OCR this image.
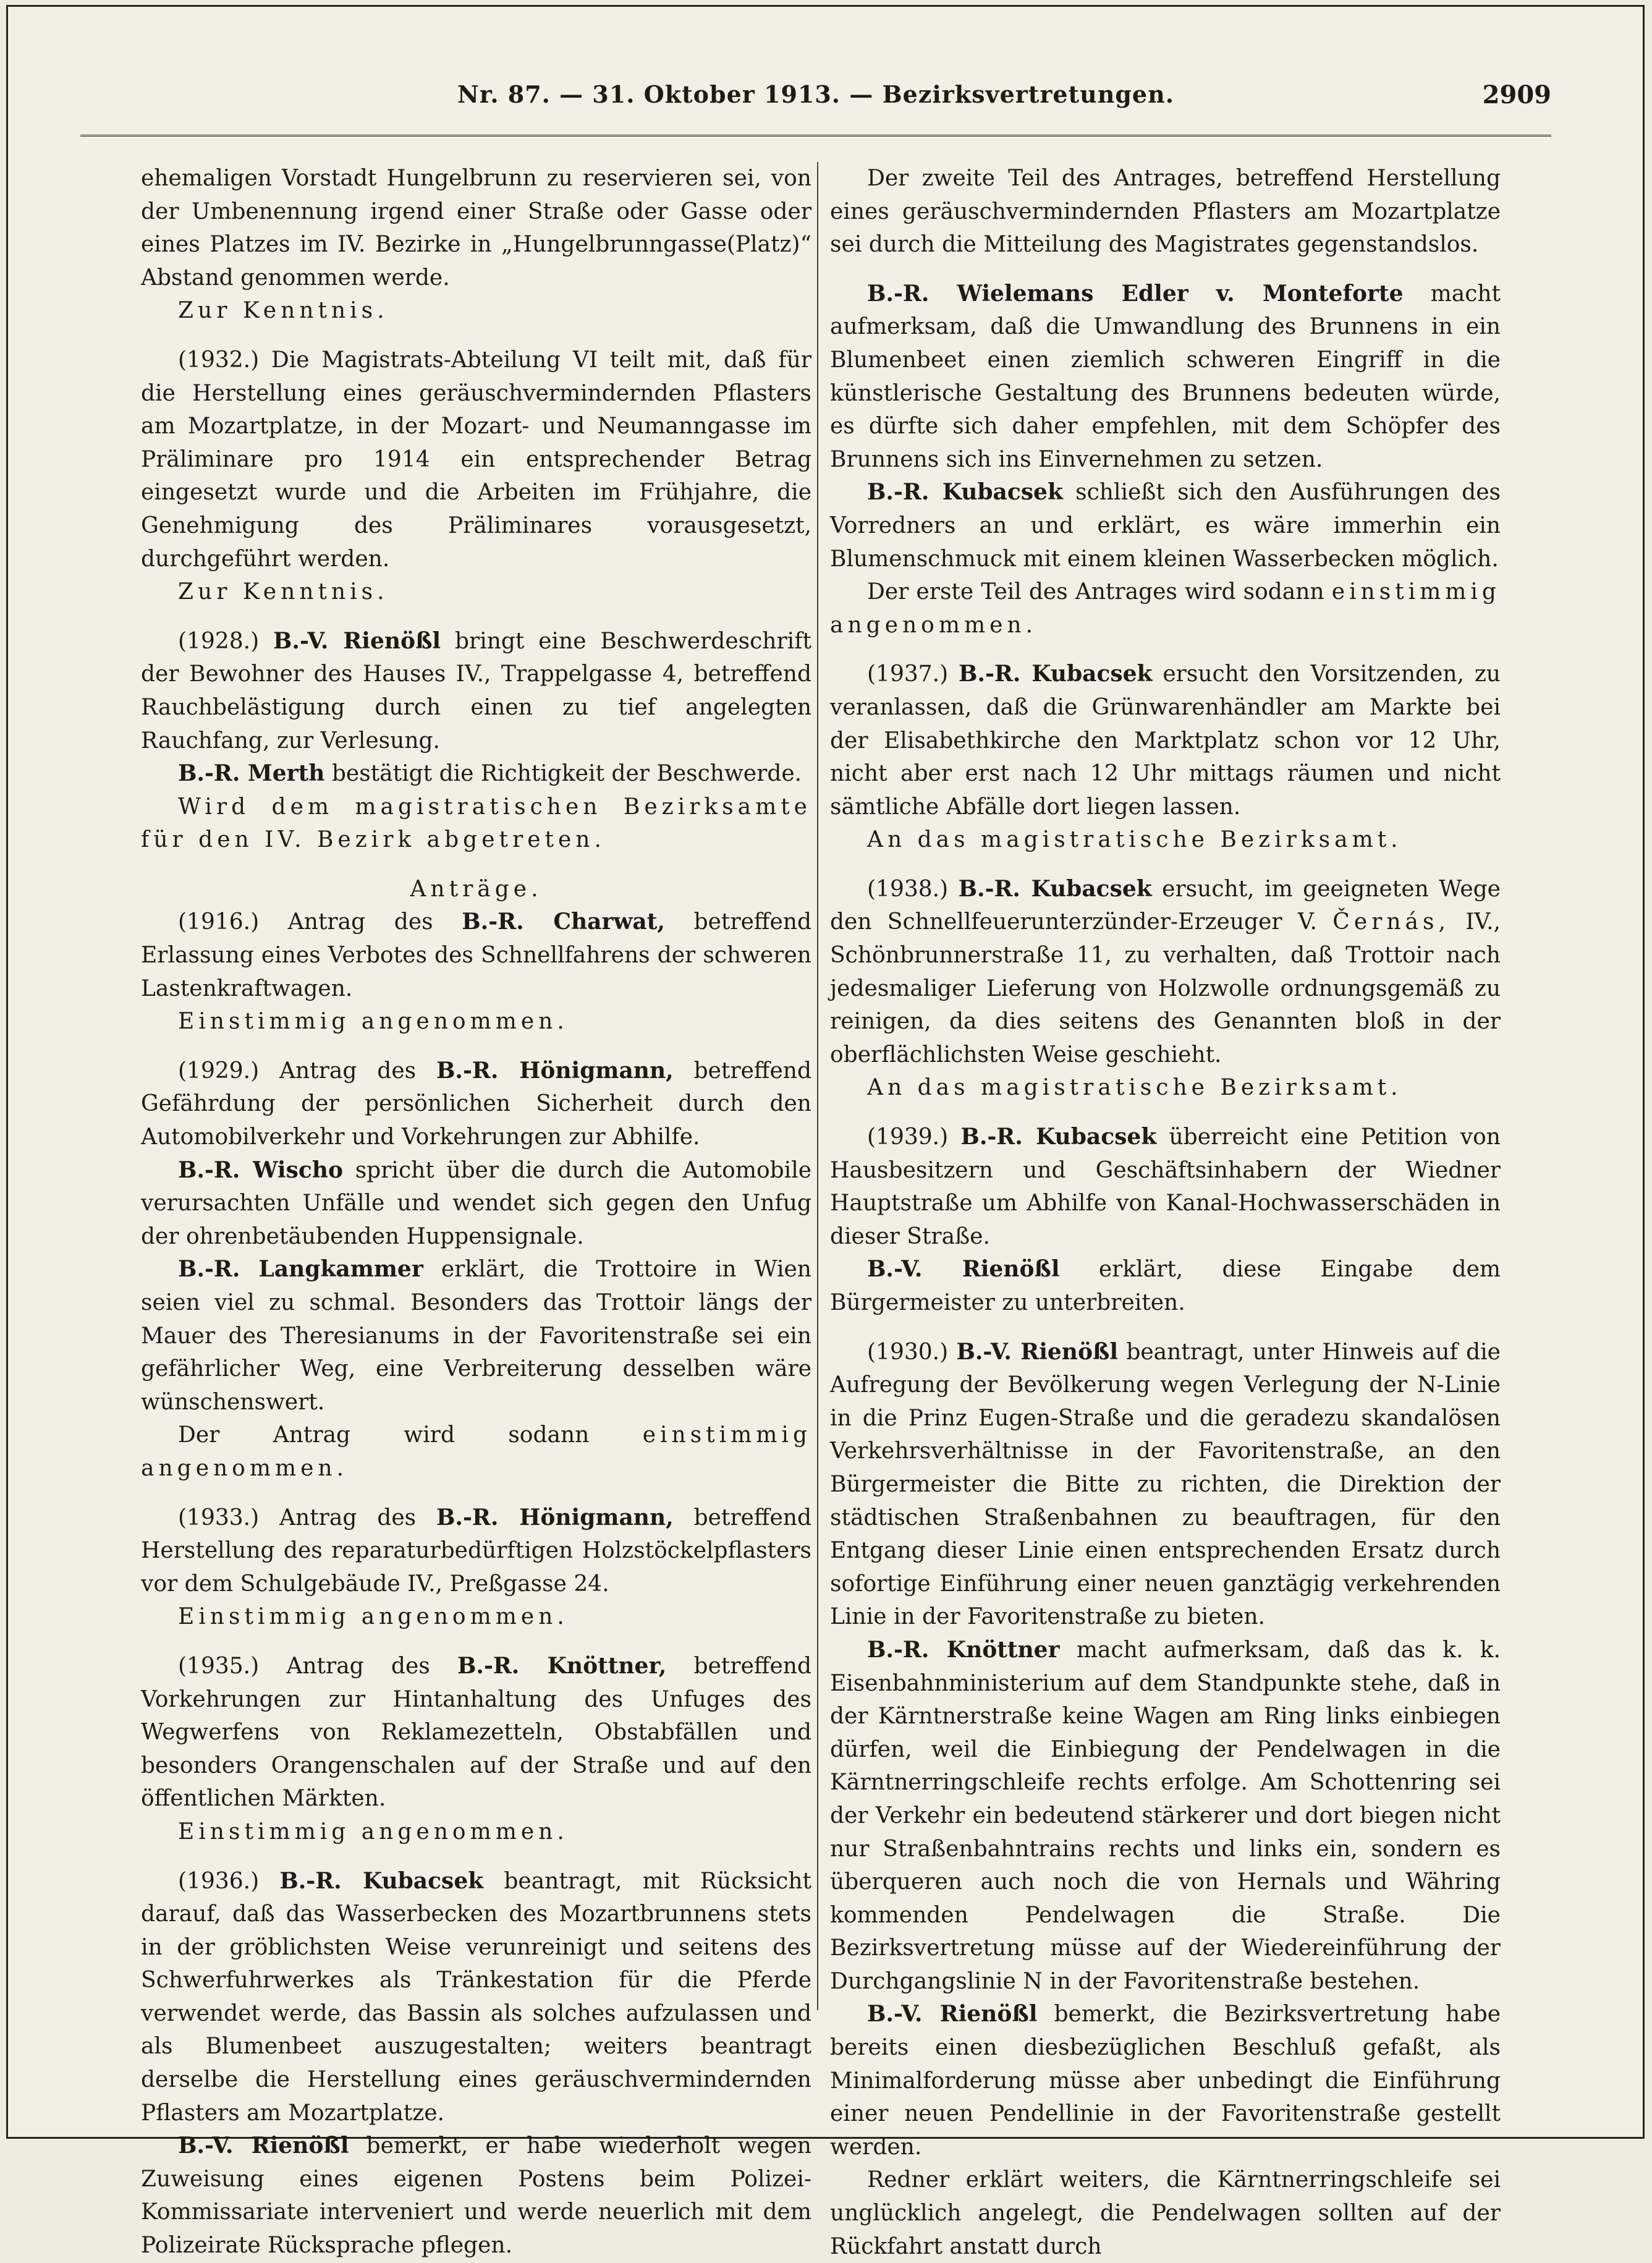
Nr. 87. — 31. Oktober 1913. — Bezirksvertretungen.	2909

ehemaligen Vorstadt Hungelbrunn zu reservieren sei, von der Umbenennung irgend einer Straße oder Gasse oder eines Platzes im IV. Bezirke in „Hungelbrunngasse(Platz)“ Abstand genommen werde.

Zur Kenntnis.

(1932.) Die Magistrats-Abteilung VI teilt mit, daß für die Herstellung eines geräuschvermindernden Pflasters am Mozartplatze, in der Mozart- und Neumanngasse im Präliminare pro 1914 ein entsprechender Betrag eingesetzt wurde und die Arbeiten im Frühjahre, die Genehmigung des Präliminares vorausgesetzt, durchgeführt werden.

Zur Kenntnis.

(1928.) B.-V. Rienößl bringt eine Beschwerdeschrift der Bewohner des Hauses IV., Trappelgasse 4, betreffend Rauchbelästigung durch einen zu tief angelegten Rauchfang, zur Verlesung.

B.-R. Merth bestätigt die Richtigkeit der Beschwerde.

Wird dem magistratischen Bezirksamte für den IV. Bezirk abgetreten.

Anträge.

(1916.) Antrag des B.-R. Charwat, betreffend Erlassung eines Verbotes des Schnellfahrens der schweren Lastenkraftwagen.

Einstimmig angenommen.

(1929.) Antrag des B.-R. Hönigmann, betreffend Gefährdung der persönlichen Sicherheit durch den Automobilverkehr und Vorkehrungen zur Abhilfe.

B.-R. Wischo spricht über die durch die Automobile verursachten Unfälle und wendet sich gegen den Unfug der ohrenbetäubenden Huppensignale.

B.-R. Langkammer erklärt, die Trottoire in Wien seien viel zu schmal. Besonders das Trottoir längs der Mauer des Theresianums in der Favoritenstraße sei ein gefährlicher Weg, eine Verbreiterung desselben wäre wünschenswert.

Der Antrag wird sodann einstimmig angenommen.

(1933.) Antrag des B.-R. Hönigmann, betreffend Herstellung des reparaturbedürftigen Holzstöckelpflasters vor dem Schulgebäude IV., Preßgasse 24.

Einstimmig angenommen.

(1935.) Antrag des B.-R. Knöttner, betreffend Vorkehrungen zur Hintanhaltung des Unfuges des Wegwerfens von Reklamezetteln, Obstabfällen und besonders Orangenschalen auf der Straße und auf den öffentlichen Märkten.

Einstimmig angenommen.

(1936.) B.-R. Kubacsek beantragt, mit Rücksicht darauf, daß das Wasserbecken des Mozartbrunnens stets in der gröblichsten Weise verunreinigt und seitens des Schwerfuhrwerkes als Tränkestation für die Pferde verwendet werde, das Bassin als solches aufzulassen und als Blumenbeet auszugestalten; weiters beantragt derselbe die Herstellung eines geräuschvermindernden Pflasters am Mozartplatze.

B.-V. Rienößl bemerkt, er habe wiederholt wegen Zuweisung eines eigenen Postens beim Polizei-Kommissariate interveniert und werde neuerlich mit dem Polizeirate Rücksprache pflegen.

Der zweite Teil des Antrages, betreffend Herstellung eines geräuschvermindernden Pflasters am Mozartplatze sei durch die Mitteilung des Magistrates gegenstandslos.

B.-R. Wielemans Edler v. Monteforte macht aufmerksam, daß die Umwandlung des Brunnens in ein Blumenbeet einen ziemlich schweren Eingriff in die künstlerische Gestaltung des Brunnens bedeuten würde, es dürfte sich daher empfehlen, mit dem Schöpfer des Brunnens sich ins Einvernehmen zu setzen.

B.-R. Kubacsek schließt sich den Ausführungen des Vorredners an und erklärt, es wäre immerhin ein Blumenschmuck mit einem kleinen Wasserbecken möglich.

Der erste Teil des Antrages wird sodann einstimmig angenommen.

(1937.) B.-R. Kubacsek ersucht den Vorsitzenden, zu veranlassen, daß die Grünwarenhändler am Markte bei der Elisabethkirche den Marktplatz schon vor 12 Uhr, nicht aber erst nach 12 Uhr mittags räumen und nicht sämtliche Abfälle dort liegen lassen.

An das magistratische Bezirksamt.

(1938.) B.-R. Kubacsek ersucht, im geeigneten Wege den Schnellfeuerunterzünder-Erzeuger V. Černás, IV., Schönbrunnerstraße 11, zu verhalten, daß Trottoir nach jedesmaliger Lieferung von Holzwolle ordnungsgemäß zu reinigen, da dies seitens des Genannten bloß in der oberflächlichsten Weise geschieht.

An das magistratische Bezirksamt.

(1939.) B.-R. Kubacsek überreicht eine Petition von Hausbesitzern und Geschäftsinhabern der Wiedner Hauptstraße um Abhilfe von Kanal-Hochwasserschäden in dieser Straße.

B.-V. Rienößl erklärt, diese Eingabe dem Bürgermeister zu unterbreiten.

(1930.) B.-V. Rienößl beantragt, unter Hinweis auf die Aufregung der Bevölkerung wegen Verlegung der N-Linie in die Prinz Eugen-Straße und die geradezu skandalösen Verkehrsverhältnisse in der Favoritenstraße, an den Bürgermeister die Bitte zu richten, die Direktion der städtischen Straßenbahnen zu beauftragen, für den Entgang dieser Linie einen entsprechenden Ersatz durch sofortige Einführung einer neuen ganztägig verkehrenden Linie in der Favoritenstraße zu bieten.

B.-R. Knöttner macht aufmerksam, daß das k. k. Eisenbahnministerium auf dem Standpunkte stehe, daß in der Kärntnerstraße keine Wagen am Ring links einbiegen dürfen, weil die Einbiegung der Pendelwagen in die Kärntnerringschleife rechts erfolge. Am Schottenring sei der Verkehr ein bedeutend stärkerer und dort biegen nicht nur Straßenbahntrains rechts und links ein, sondern es überqueren auch noch die von Hernals und Währing kommenden Pendelwagen die Straße. Die Bezirksvertretung müsse auf der Wiedereinführung der Durchgangslinie N in der Favoritenstraße bestehen.

B.-V. Rienößl bemerkt, die Bezirksvertretung habe bereits einen diesbezüglichen Beschluß gefaßt, als Minimalforderung müsse aber unbedingt die Einführung einer neuen Pendellinie in der Favoritenstraße gestellt werden.

Redner erklärt weiters, die Kärntnerringschleife sei unglücklich angelegt, die Pendelwagen sollten auf der Rückfahrt anstatt durch
